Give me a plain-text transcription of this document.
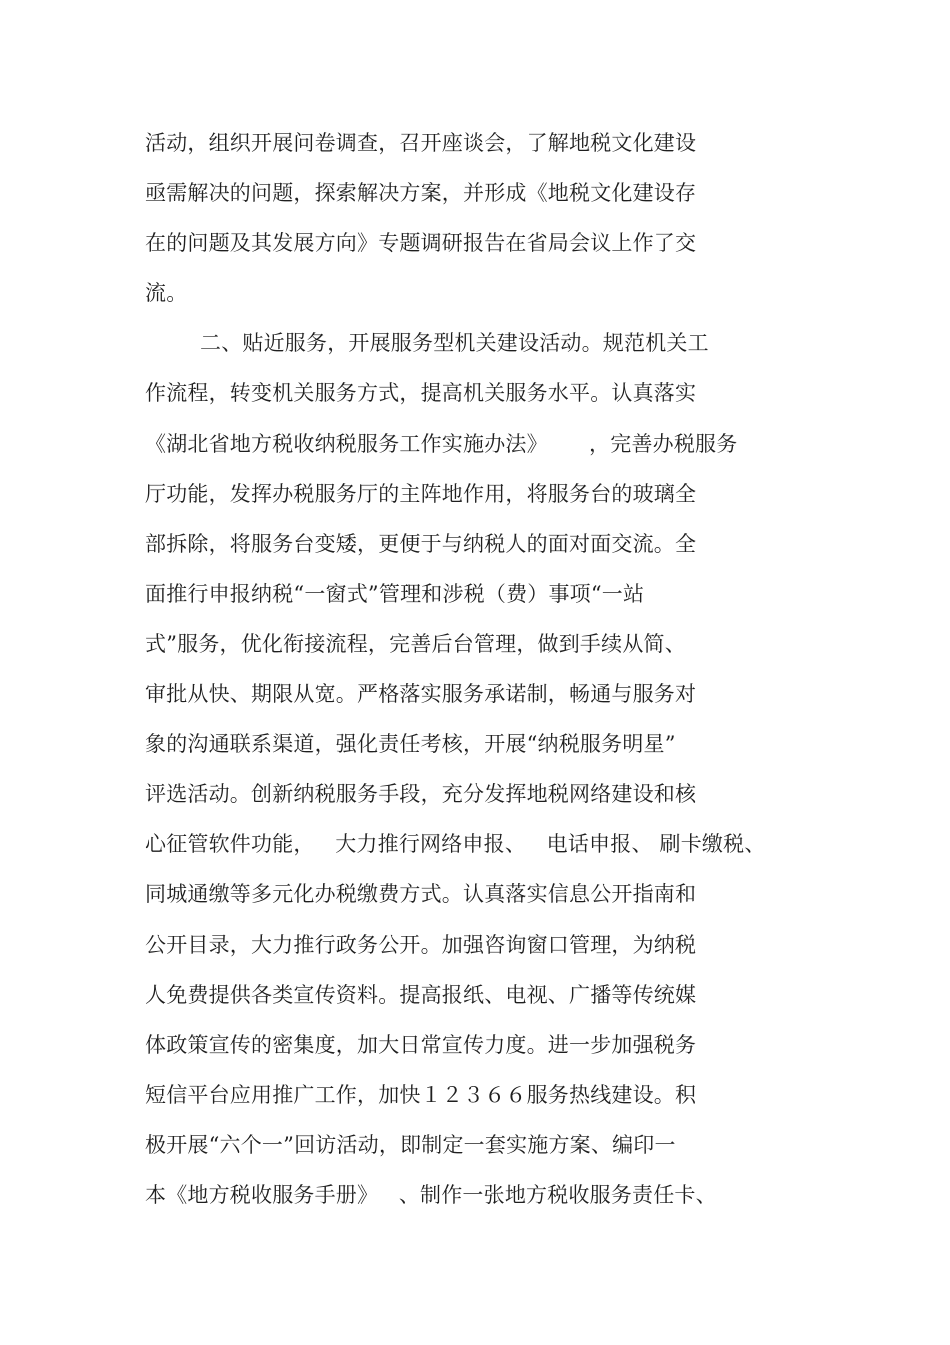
活动，组织开展问卷调查，召开座谈会，了解地税文化建设
亟需解决的问题，探索解决方案，并形成《地税文化建设存
在的问题及其发展方向》专题调研报告在省局会议上作了交
流。
二、贴近服务，开展服务型机关建设活动。规范机关工
作流程，转变机关服务方式，提高机关服务水平。认真落实
《湖北省地方税收纳税服务工作实施办法》      ，完善办税服务
厅功能，发挥办税服务厅的主阵地作用，将服务台的玻璃全
部拆除，将服务台变矮，更便于与纳税人的面对面交流。全
面推行申报纳税“一窗式”管理和涉税（费）事项“一站
式”服务，优化衔接流程，完善后台管理，做到手续从简、
审批从快、期限从宽。严格落实服务承诺制，畅通与服务对
象的沟通联系渠道，强化责任考核，开展“纳税服务明星”
评选活动。创新纳税服务手段，充分发挥地税网络建设和核
心征管软件功能，   大力推行网络申报、   电话申报、 刷卡缴税、
同城通缴等多元化办税缴费方式。认真落实信息公开指南和
公开目录，大力推行政务公开。加强咨询窗口管理，为纳税
人免费提供各类宣传资料。提高报纸、电视、广播等传统媒
体政策宣传的密集度，加大日常宣传力度。进一步加强税务
短信平台应用推广工作，加快１２３６６服务热线建设。积
极开展“六个一”回访活动，即制定一套实施方案、编印一
本《地方税收服务手册》   、制作一张地方税收服务责任卡、
